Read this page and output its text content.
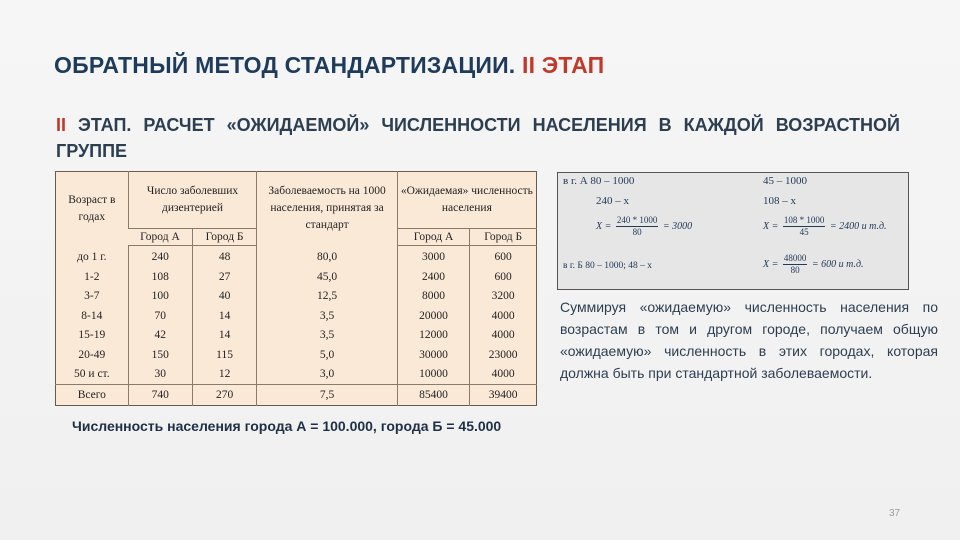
ОБРАТНЫЙ МЕТОД СТАНДАРТИЗАЦИИ. II ЭТАП
II ЭТАП. РАСЧЕТ «ОЖИДАЕМОЙ» ЧИСЛЕННОСТИ НАСЕЛЕНИЯ В КАЖДОЙ ВОЗРАСТНОЙ ГРУППЕ
Возраст в годах	Число заболевших дизентерией		Заболеваемость на 1000 населения, принятая за стандарт	«Ожидаемая» численность населения	
	Город А	Город Б		Город А	Город Б
до 1 г.	240	48	80,0	3000	600
1-2	108	27	45,0	2400	600
3-7	100	40	12,5	8000	3200
8-14	70	14	3,5	20000	4000
15-19	42	14	3,5	12000	4000
20-49	150	115	5,0	30000	23000
50 и ст.	30	12	3,0	10000	4000
Всего	740	270	7,5	85400	39400
в г. А 80 – 1000
240 – x
$X = \frac{240 * 1000}{80} = 3000$
в г. Б 80 – 1000; 48 – x
45 – 1000
108 – x
$X = \frac{108 * 1000}{45} = 2400$ и т.д.
$X = \frac{48000}{80} = 600$ и т.д.
Суммируя «ожидаемую» численность населения по возрастам в том и другом городе, получаем общую «ожидаемую» численность в этих городах, которая должна быть при стандартной заболеваемости.
Численность населения города А = 100.000, города Б = 45.000
37
